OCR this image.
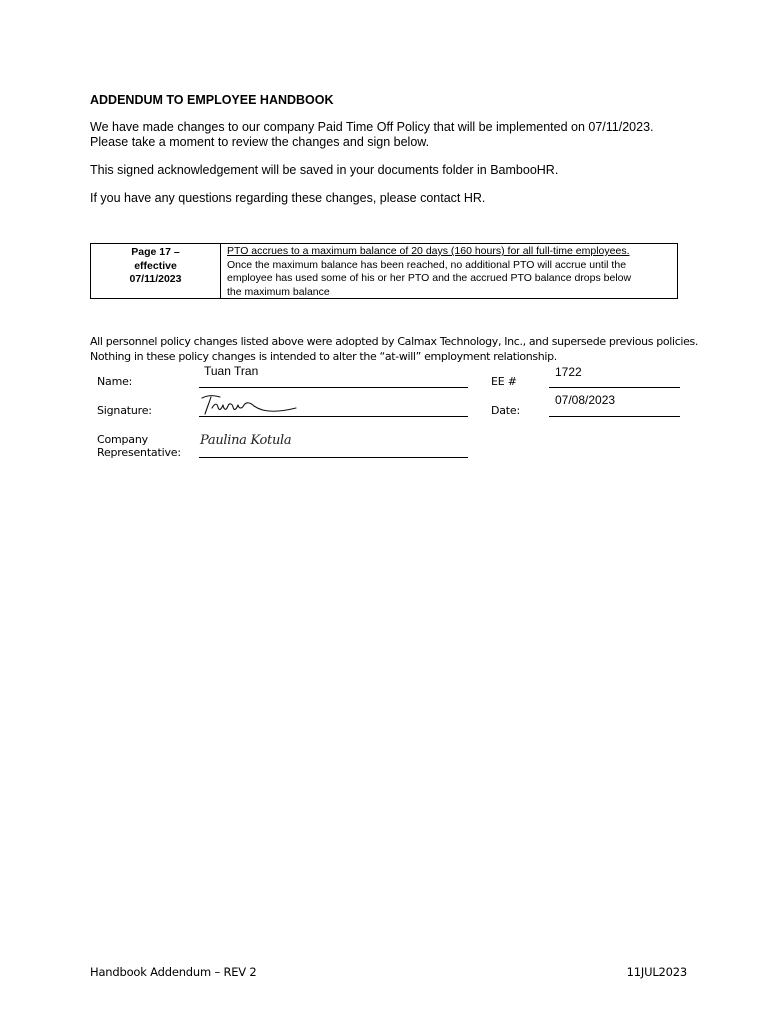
ADDENDUM TO EMPLOYEE HANDBOOK
We have made changes to our company Paid Time Off Policy that will be implemented on 07/11/2023.
Please take a moment to review the changes and sign below.
This signed acknowledgement will be saved in your documents folder in BambooHR.
If you have any questions regarding these changes, please contact HR.
Page 17 –
effective
07/11/2023
PTO accrues to a maximum balance of 20 days (160 hours) for all full-time employees.
Once the maximum balance has been reached, no additional PTO will accrue until the
employee has used some of his or her PTO and the accrued PTO balance drops below
the maximum balance
All personnel policy changes listed above were adopted by Calmax Technology, Inc., and supersede previous policies.
Nothing in these policy changes is intended to alter the “at-will” employment relationship.
Name:
Tuan Tran
EE #
1722
Signature:	Date:
07/08/2023
Company
Representative:
Paulina Kotula
Handbook Addendum – REV 2	11JUL2023
